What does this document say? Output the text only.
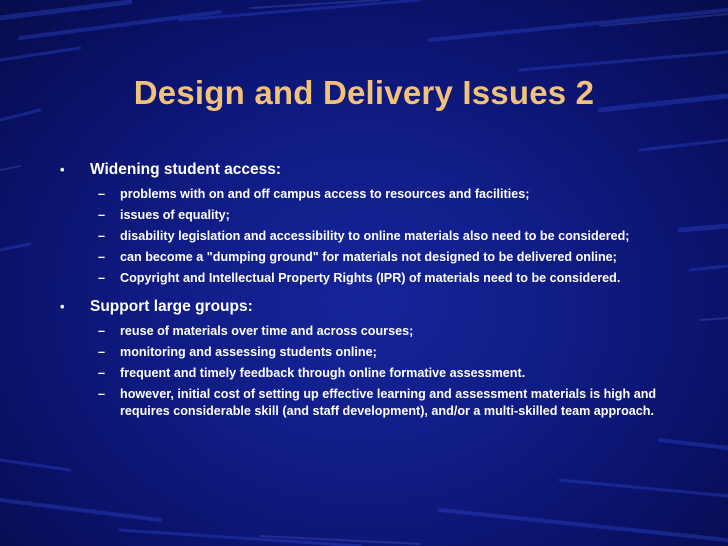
Design and Delivery Issues 2
• Widening student access:
– problems with on and off campus access to resources and facilities;
– issues of equality;
– disability legislation and accessibility to online materials also need to be considered;
– can become a "dumping ground" for materials not designed to be delivered online;
– Copyright and Intellectual Property Rights (IPR) of materials need to be considered.
• Support large groups:
– reuse of materials over time and across courses;
– monitoring and assessing students online;
– frequent and timely feedback through online formative assessment.
– however, initial cost of setting up effective learning and assessment materials is high and requires considerable skill (and staff development), and/or a multi-skilled team approach.
